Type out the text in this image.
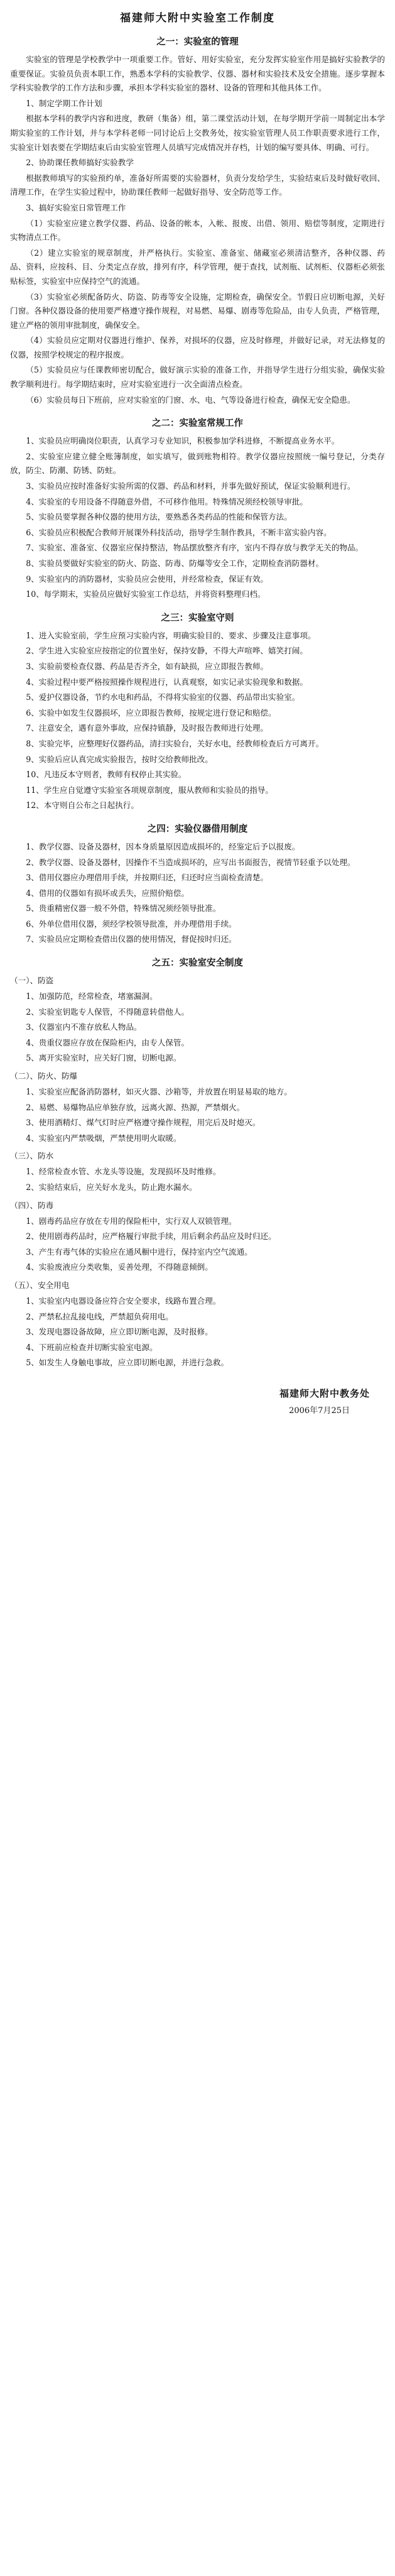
福建师大附中实验室工作制度
之一：实验室的管理

实验室的管理是学校教学中一项重要工作。管好、用好实验室，充分发挥实验室作用是搞好实验教学的重要保证。实验员负责本职工作，熟悉本学科的实验教学、仪器、器材和实验技术及安全措施。逐步掌握本学科实验教学的工作方法和步骤，承担本学科实验室的器材、设备的管理和其他具体工作。

1、制定学期工作计划

根据本学科的教学内容和进度，教研（集备）组，第二课堂活动计划，在每学期开学前一周制定出本学期实验室的工作计划，并与本学科老师一同讨论后上交教务处，按实验室管理人员工作职责要求进行工作，实验室计划表要在学期结束后由实验室管理人员填写完成情况并存档，计划的编写要具体、明确、可行。

2、协助课任教师搞好实验教学

根据教师填写的实验预约单，准备好所需要的实验器材，负责分发给学生，实验结束后及时做好收回、清理工作，在学生实验过程中，协助课任教师一起做好指导、安全防范等工作。

3、搞好实验室日常管理工作

（1）实验室应建立教学仪器、药品、设备的帐本，入帐、报废、出借、领用、赔偿等制度，定期进行实物清点工作。

（2）建立实验室的规章制度，并严格执行。实验室、准备室、储藏室必须清洁整齐，各种仪器、药品、资料，应按科、目、分类定点存放，排列有序，科学管理，便于查找，试剂瓶、试剂柜、仪器柜必须张贴标签，实验室中应保持空气的流通。

（3）实验室必须配备防火、防盗、防毒等安全设施，定期检查，确保安全。节假日应切断电源，关好门窗。各种仪器设备的使用要严格遵守操作规程，对易燃、易爆、剧毒等危险品，由专人负责，严格管理，建立严格的领用审批制度，确保安全。

（4）实验员应定期对仪器进行维护、保养，对损坏的仪器，应及时修理，并做好记录，对无法修复的仪器，按照学校规定的程序报废。

（5）实验员应与任课教师密切配合，做好演示实验的准备工作，并指导学生进行分组实验，确保实验教学顺利进行。每学期结束时，应对实验室进行一次全面清点检查。

（6）实验员每日下班前，应对实验室的门窗、水、电、气等设备进行检查，确保无安全隐患。

之二：实验室常规工作

1、实验员应明确岗位职责，认真学习专业知识，积极参加学科进修，不断提高业务水平。

2、实验室应建立健全账簿制度，如实填写，做到账物相符。教学仪器应按照统一编号登记，分类存放，防尘、防潮、防锈、防蛀。

3、实验员应按时准备好实验所需的仪器、药品和材料，并事先做好预试，保证实验顺利进行。

4、实验室的专用设备不得随意外借，不可移作他用。特殊情况须经校领导审批。

5、实验员要掌握各种仪器的使用方法，要熟悉各类药品的性能和保管方法。

6、实验员应积极配合教师开展课外科技活动，指导学生制作教具，不断丰富实验内容。

7、实验室、准备室、仪器室应保持整洁，物品摆放整齐有序，室内不得存放与教学无关的物品。

8、实验员要做好实验室的防火、防盗、防毒、防爆等安全工作，定期检查消防器材。

9、实验室内的消防器材，实验员应会使用，并经常检查，保证有效。

10、每学期末，实验员应做好实验室工作总结，并将资料整理归档。

之三：实验室守则

1、进入实验室前，学生应预习实验内容，明确实验目的、要求、步骤及注意事项。

2、学生进入实验室应按指定的位置坐好，保持安静，不得大声喧哗、嬉笑打闹。

3、实验前要检查仪器、药品是否齐全，如有缺损，应立即报告教师。

4、实验过程中要严格按照操作规程进行，认真观察，如实记录实验现象和数据。

5、爱护仪器设备，节约水电和药品，不得将实验室的仪器、药品带出实验室。

6、实验中如发生仪器损坏，应立即报告教师，按规定进行登记和赔偿。

7、注意安全，遇有意外事故，应保持镇静，及时报告教师进行处理。

8、实验完毕，应整理好仪器药品，清扫实验台，关好水电，经教师检查后方可离开。

9、实验后应认真完成实验报告，按时交给教师批改。

10、凡违反本守则者，教师有权停止其实验。

11、学生应自觉遵守实验室各项规章制度，服从教师和实验员的指导。

12、本守则自公布之日起执行。

之四：实验仪器借用制度

1、教学仪器、设备及器材，因本身质量原因造成损坏的，经鉴定后予以报废。

2、教学仪器、设备及器材，因操作不当造成损坏的，应写出书面报告，视情节轻重予以处理。

3、借用仪器应办理借用手续，并按期归还，归还时应当面检查清楚。

4、借用的仪器如有损坏或丢失，应照价赔偿。

5、贵重精密仪器一般不外借，特殊情况须经领导批准。

6、外单位借用仪器，须经学校领导批准，并办理借用手续。

7、实验员应定期检查借出仪器的使用情况，督促按时归还。

之五：实验室安全制度

（一）、防盗

1、加强防范，经常检查，堵塞漏洞。

2、实验室钥匙专人保管，不得随意转借他人。

3、仪器室内不准存放私人物品。

4、贵重仪器应存放在保险柜内，由专人保管。

5、离开实验室时，应关好门窗，切断电源。

（二）、防火、防爆

1、实验室应配备消防器材，如灭火器、沙箱等，并放置在明显易取的地方。

2、易燃、易爆物品应单独存放，远离火源、热源，严禁烟火。

3、使用酒精灯、煤气灯时应严格遵守操作规程，用完后及时熄灭。

4、实验室内严禁吸烟，严禁使用明火取暖。

（三）、防水

1、经常检查水管、水龙头等设施，发现损坏及时维修。

2、实验结束后，应关好水龙头，防止跑水漏水。

（四）、防毒

1、剧毒药品应存放在专用的保险柜中，实行双人双锁管理。

2、使用剧毒药品时，应严格履行审批手续，用后剩余药品应及时归还。

3、产生有毒气体的实验应在通风橱中进行，保持室内空气流通。

4、实验废液应分类收集，妥善处理，不得随意倾倒。

（五）、安全用电

1、实验室内电器设备应符合安全要求，线路布置合理。

2、严禁私拉乱接电线，严禁超负荷用电。

3、发现电器设备故障，应立即切断电源，及时报修。

4、下班前应检查并切断实验室电源。

5、如发生人身触电事故，应立即切断电源，并进行急救。

福建师大附中教务处
2006年7月25日
